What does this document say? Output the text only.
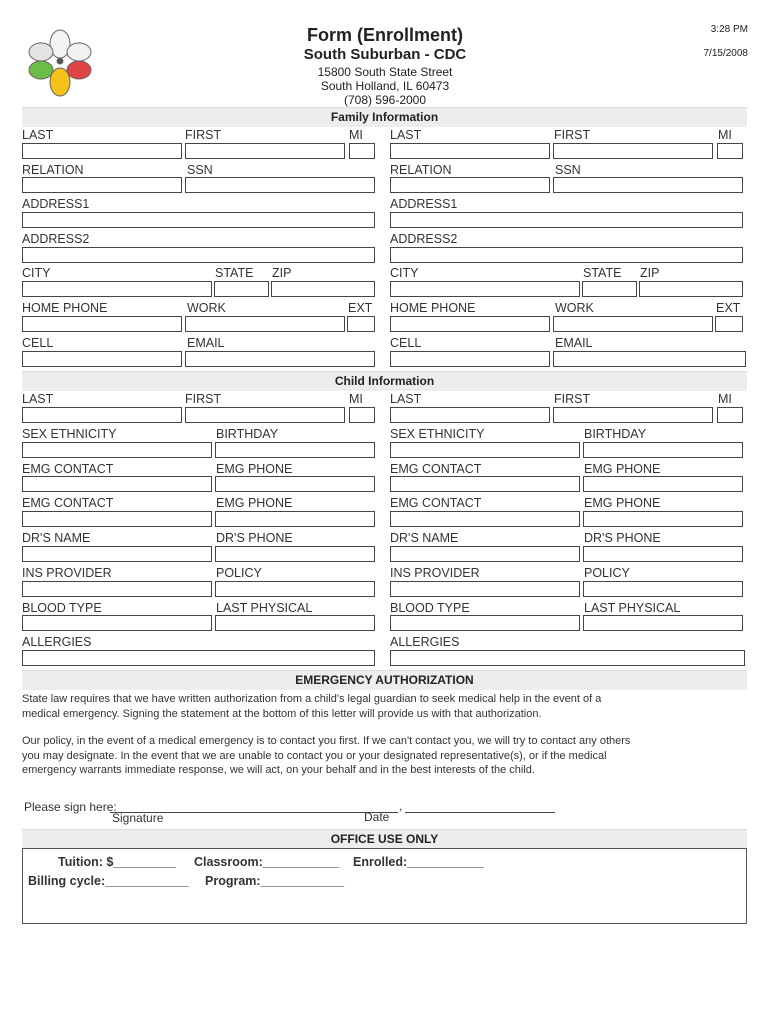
Form (Enrollment)
South Suburban - CDC
15800 South State Street
South Holland, IL 60473
(708) 596-2000
3:28 PM
7/15/2008
Family Information
LAST	FIRST	MI
RELATION	SSN
ADDRESS1
ADDRESS2
CITY	STATE ZIP
HOME PHONE	WORK	EXT
CELL	EMAIL
LAST	FIRST	MI
RELATION	SSN
ADDRESS1
ADDRESS2
CITY	STATE ZIP
HOME PHONE	WORK	EXT
CELL	EMAIL
Child Information
LAST	FIRST	MI
SEX ETHNICITY	BIRTHDAY
EMG CONTACT	EMG PHONE
EMG CONTACT	EMG PHONE
DR'S NAME	DR'S PHONE
INS PROVIDER	POLICY
BLOOD TYPE	LAST PHYSICAL
ALLERGIES
LAST	FIRST	MI
SEX ETHNICITY	BIRTHDAY
EMG CONTACT	EMG PHONE
EMG CONTACT	EMG PHONE
DR'S NAME	DR'S PHONE
INS PROVIDER	POLICY
BLOOD TYPE	LAST PHYSICAL
ALLERGIES
EMERGENCY AUTHORIZATION
State law requires that we have written authorization from a child's legal guardian to seek medical help in the event of a medical emergency. Signing the statement at the bottom of this letter will provide us with that authorization.
Our policy, in the event of a medical emergency is to contact you first. If we can't contact you, we will try to contact any others you may designate. In the event that we are unable to contact you or your designated representative(s), or if the medical emergency warrants immediate response, we will act, on your behalf and in the best interests of the child.
Please sign here:	,
Signature	Date
OFFICE USE ONLY
Tuition: $_________ Classroom:___________ Enrolled:___________
Billing cycle:____________ Program:____________
